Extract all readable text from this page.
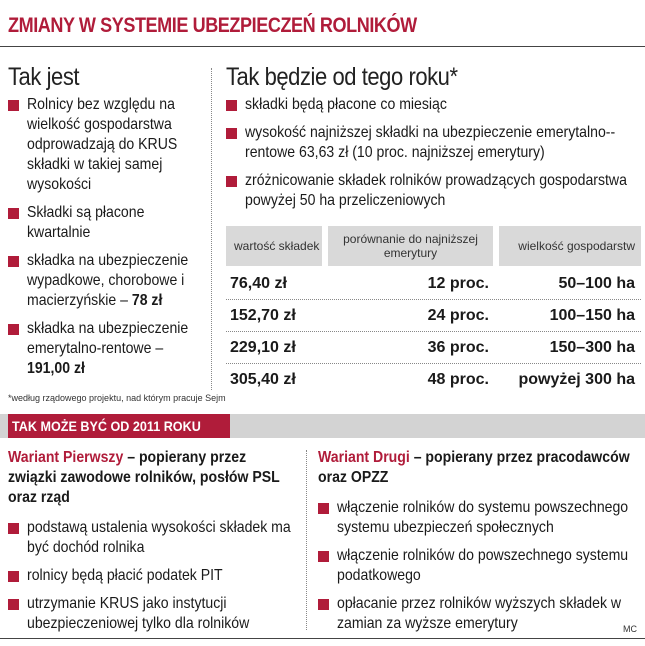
ZMIANY W SYSTEMIE UBEZPIECZEŃ ROLNIKÓW
Tak jest
Rolnicy bez względu na wielkość gospodarstwa odprowadzają do KRUS składki w takiej samej wysokości
Składki są płacone kwartalnie
składka na ubezpieczenie wypadkowe, chorobowe i macierzyńskie – 78 zł
składka na ubezpieczenie emerytalno-rentowe – 191,00 zł
Tak będzie od tego roku*
składki będą płacone co miesiąc
wysokość najniższej składki na ubezpieczenie emerytalno--rentowe 63,63 zł (10 proc. najniższej emerytury)
zróżnicowanie składek rolników prowadzących gospodarstwa powyżej 50 ha przeliczeniowych
wartość składek	porównanie do najniższej emerytury	wielkość gospodarstw
76,40 zł	12 proc.	50–100 ha
152,70 zł	24 proc.	100–150 ha
229,10 zł	36 proc.	150–300 ha
305,40 zł	48 proc.	powyżej 300 ha
*według rządowego projektu, nad którym pracuje Sejm
TAK MOŻE BYĆ OD 2011 ROKU
Wariant Pierwszy – popierany przez związki zawodowe rolników, posłów PSL oraz rząd
podstawą ustalenia wysokości składek ma być dochód rolnika
rolnicy będą płacić podatek PIT
utrzymanie KRUS jako instytucji ubezpieczeniowej tylko dla rolników
Wariant Drugi – popierany przez pracodawców oraz OPZZ
włączenie rolników do systemu powszechnego systemu ubezpieczeń społecznych
włączenie rolników do powszechnego systemu podatkowego
opłacanie przez rolników wyższych składek w zamian za wyższe emerytury	MC
